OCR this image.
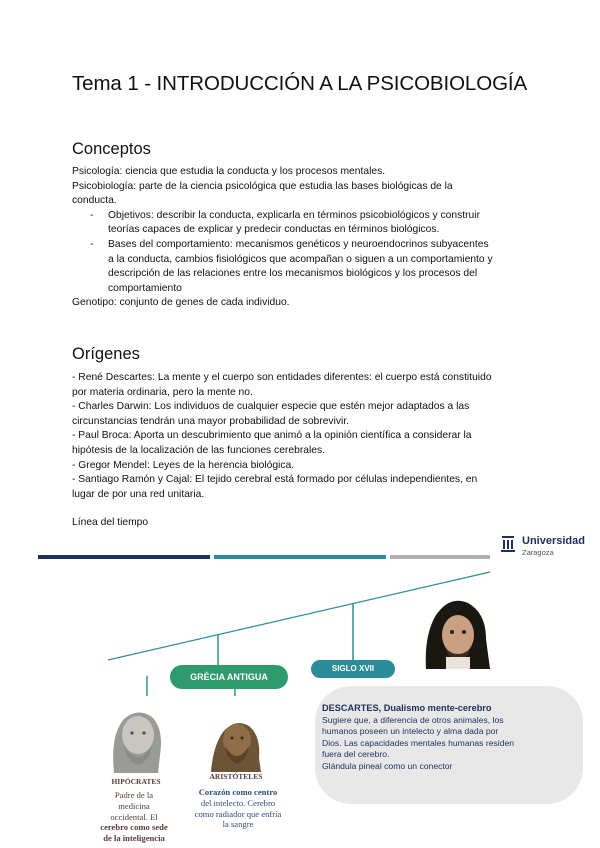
Tema 1 - INTRODUCCIÓN A LA PSICOBIOLOGÍA
Conceptos

Psicología: ciencia que estudia la conducta y los procesos mentales.

Psicobiología: parte de la ciencia psicológica que estudia las bases biológicas de la

conducta.

- Objetivos: describir la conducta, explicarla en términos psicobiológicos y construir
teorías capaces de explicar y predecir conductas en términos biológicos.
- Bases del comportamiento: mecanismos genéticos y neuroendocrinos subyacentes
a la conducta, cambios fisiológicos que acompañan o siguen a un comportamiento y
descripción de las relaciones entre los mecanismos biológicos y los procesos del
comportamiento

Genotipo: conjunto de genes de cada individuo.

Orígenes

- René Descartes: La mente y el cuerpo son entidades diferentes: el cuerpo está constituido

por materia ordinaria, pero la mente no.

- Charles Darwin: Los individuos de cualquier especie que estén mejor adaptados a las

circunstancias tendrán una mayor probabilidad de sobrevivir.

- Paul Broca: Aporta un descubrimiento que animó a la opinión científica a considerar la

hipótesis de la localización de las funciones cerebrales.

- Gregor Mendel: Leyes de la herencia biológica.

- Santiago Ramón y Cajal: El tejido cerebral está formado por células independientes, en

lugar de por una red unitaria.

Línea del tiempo
Universidad
Zaragoza
GRÈCIA ANTIGUA
SIGLO XVII
DESCARTES, Dualismo mente-cerebro
Sugiere que, a diferencia de otros animales, los
humanos poseen un intelecto y alma dada por
Dios. Las capacidades mentales humanas residen
fuera del cerebro.
Glándula pineal como un conector
HIPÓCRATES
Padre de la
medicina
occidental. El
cerebro como sede
de la inteligencia
ARISTÓTELES
Corazón como centro
del intelecto. Cerebro
como radiador que enfría
la sangre
